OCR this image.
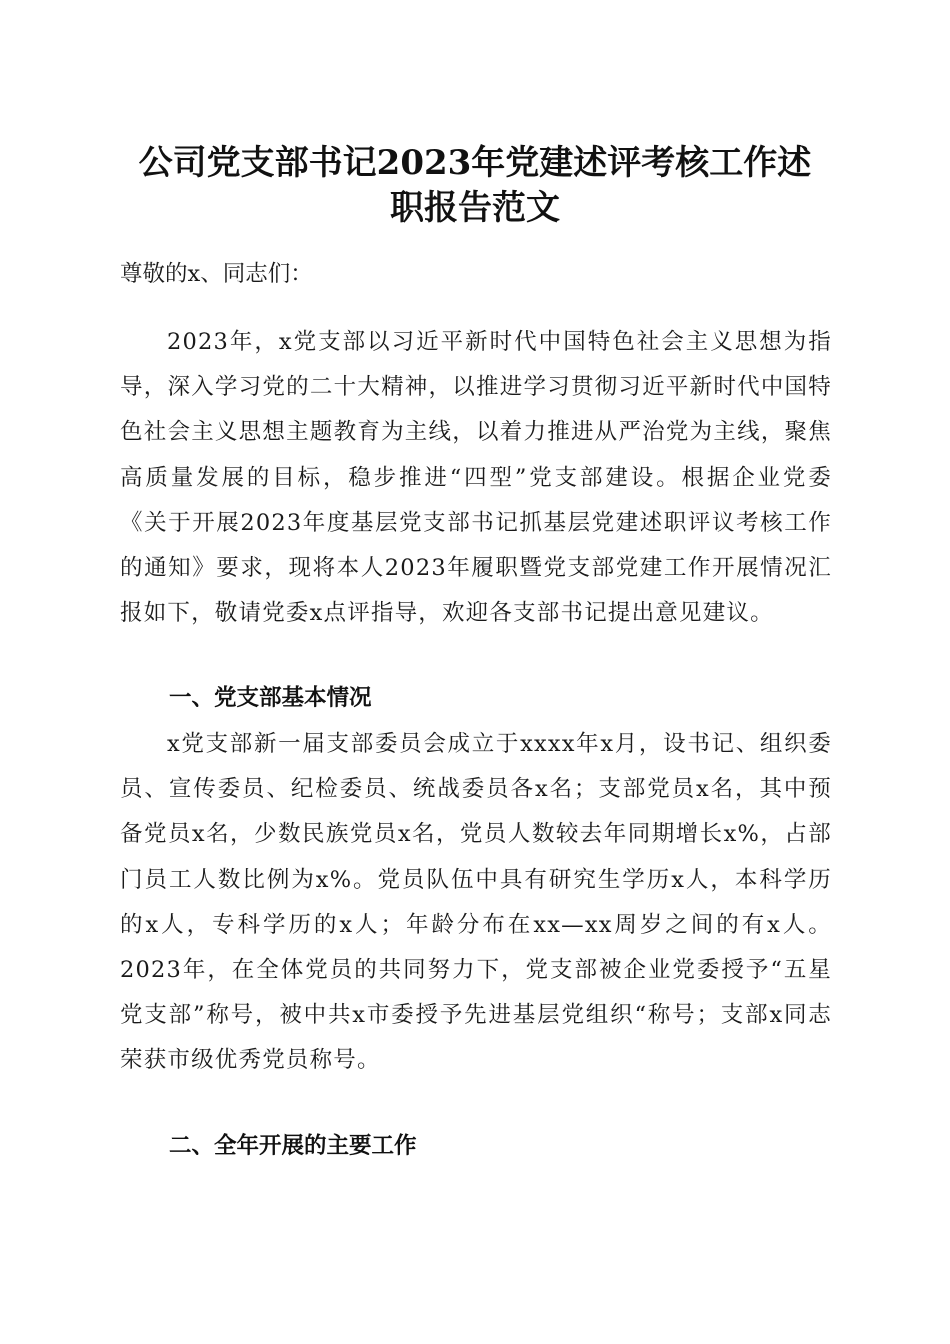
公司党支部书记2023年党建述评考核工作述
职报告范文

尊敬的x、同志们：

2023年，x党支部以习近平新时代中国特色社会主义思想为指导，深入学习党的二十大精神，以推进学习贯彻习近平新时代中国特色社会主义思想主题教育为主线，以着力推进从严治党为主线，聚焦高质量发展的目标，稳步推进“四型”党支部建设。根据企业党委《关于开展2023年度基层党支部书记抓基层党建述职评议考核工作的通知》要求，现将本人2023年履职暨党支部党建工作开展情况汇报如下，敬请党委x点评指导，欢迎各支部书记提出意见建议。

一、党支部基本情况

x党支部新一届支部委员会成立于xxxx年x月，设书记、组织委员、宣传委员、纪检委员、统战委员各x名；支部党员x名，其中预备党员x名，少数民族党员x名，党员人数较去年同期增长x%，占部门员工人数比例为x%。党员队伍中具有研究生学历x人，本科学历的x人，专科学历的x人；年龄分布在xx—xx周岁之间的有x人。2023年，在全体党员的共同努力下，党支部被企业党委授予“五星党支部”称号，被中共x市委授予先进基层党组织“称号；支部x同志荣获市级优秀党员称号。

二、全年开展的主要工作
